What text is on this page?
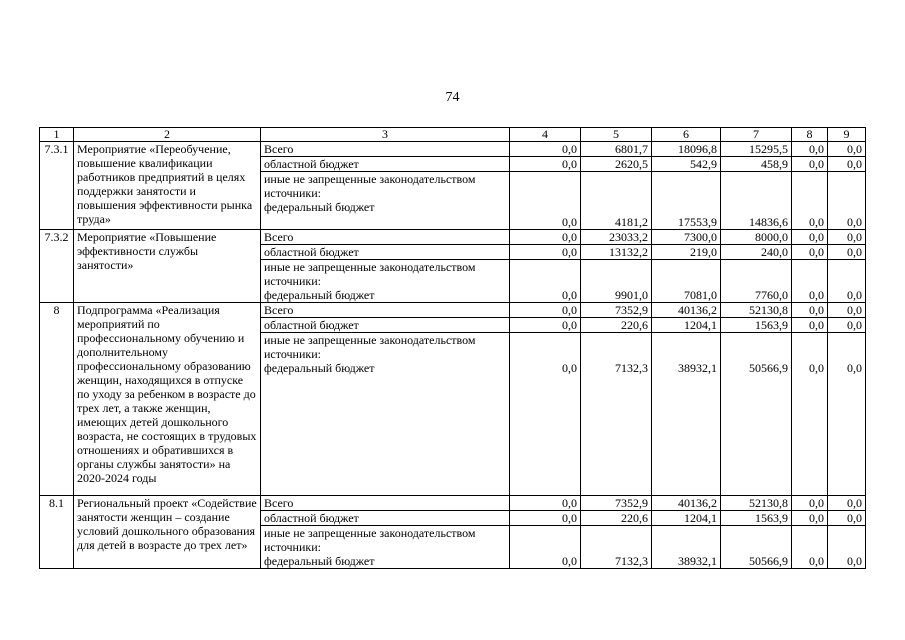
74
1	2	3	4	5	6	7	8	9
7.3.1	Мероприятие «Переобучение, повышение квалификации работников предприятий в целях поддержки занятости и повышения эффективности рынка труда»	Всего	0,0	6801,7	18096,8	15295,5	0,0	0,0
		областной бюджет	0,0	2620,5	542,9	458,9	0,0	0,0

		иные не запрещенные законодательством
источники:
федеральный бюджет	0,0	4181,2	17553,9	14836,6	0,0	0,0
7.3.2	Мероприятие «Повышение эффективности службы занятости»	Всего	0,0	23033,2	7300,0	8000,0	0,0	0,0
		областной бюджет	0,0	13132,2	219,0	240,0	0,0	0,0

		иные не запрещенные законодательством
источники:
федеральный бюджет	0,0	9901,0	7081,0	7760,0	0,0	0,0
8	Подпрограмма «Реализация мероприятий по профессиональному обучению и дополнительному профессиональному образованию женщин, находящихся в отпуске по уходу за ребенком в возрасте до трех лет, а также женщин, имеющих детей дошкольного возраста, не состоящих в трудовых отношениях и обратившихся в органы службы занятости» на 2020-2024 годы	Всего	0,0	7352,9	40136,2	52130,8	0,0	0,0
		областной бюджет	0,0	220,6	1204,1	1563,9	0,0	0,0

		иные не запрещенные законодательством
источники:
федеральный бюджет	0,0	7132,3	38932,1	50566,9	0,0	0,0
8.1	Региональный проект «Содействие занятости женщин – создание условий дошкольного образования для детей в возрасте до трех лет»	Всего	0,0	7352,9	40136,2	52130,8	0,0	0,0
		областной бюджет	0,0	220,6	1204,1	1563,9	0,0	0,0

		иные не запрещенные законодательством
источники:
федеральный бюджет	0,0	7132,3	38932,1	50566,9	0,0	0,0
